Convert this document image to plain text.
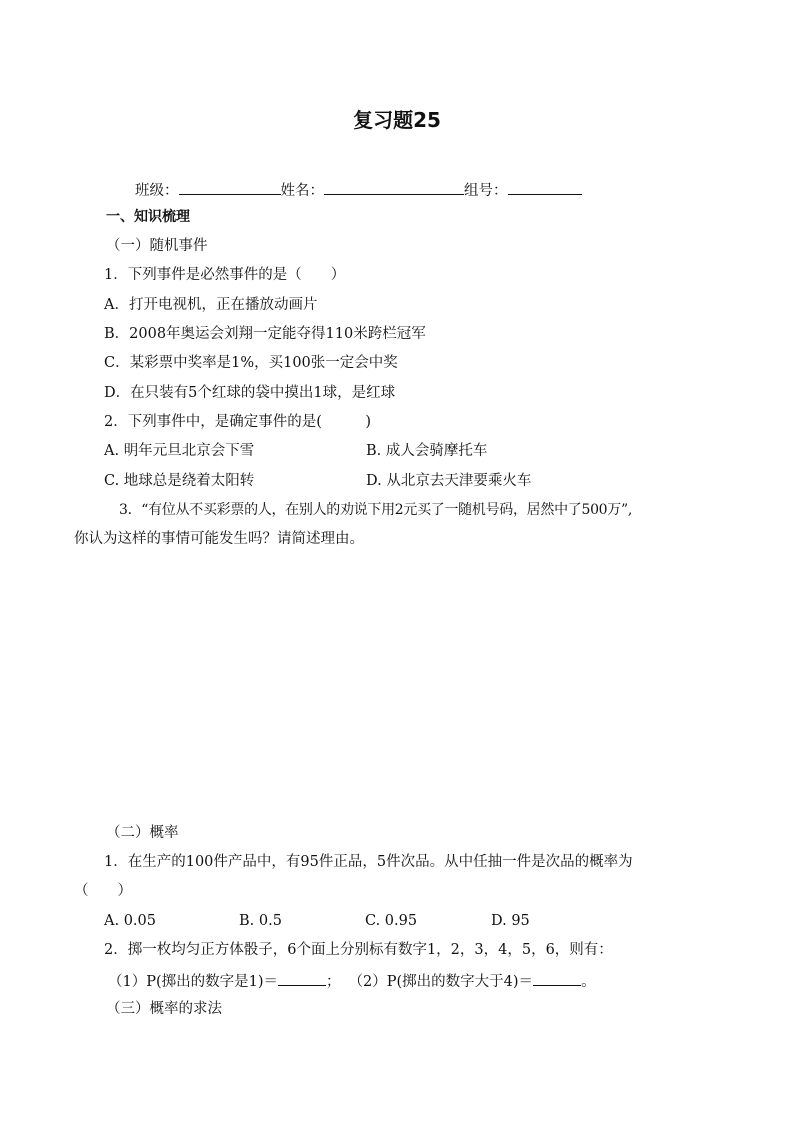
复习题25
班级：	姓名：	组号：
一、知识梳理
（一）随机事件
1．下列事件是必然事件的是（　　）
A．打开电视机，正在播放动画片
B．2008年奥运会刘翔一定能夺得110米跨栏冠军
C．某彩票中奖率是1%，买100张一定会中奖
D．在只装有5个红球的袋中摸出1球，是红球
2．下列事件中，是确定事件的是(　　　)
A. 明年元旦北京会下雪	B. 成人会骑摩托车
C. 地球总是绕着太阳转	D. 从北京去天津要乘火车
3．“有位从不买彩票的人，在别人的劝说下用2元买了一随机号码，居然中了500万”,
你认为这样的事情可能发生吗？请简述理由。
（二）概率
1．在生产的100件产品中，有95件正品，5件次品。从中任抽一件是次品的概率为
（　　）
A. 0.05	B. 0.5	C. 0.95	D. 95
2．掷一枚均匀正方体骰子，6个面上分别标有数字1，2，3，4，5，6，则有：
（1）P(掷出的数字是1)＝	； （2）P(掷出的数字大于4)＝	。
（三）概率的求法
